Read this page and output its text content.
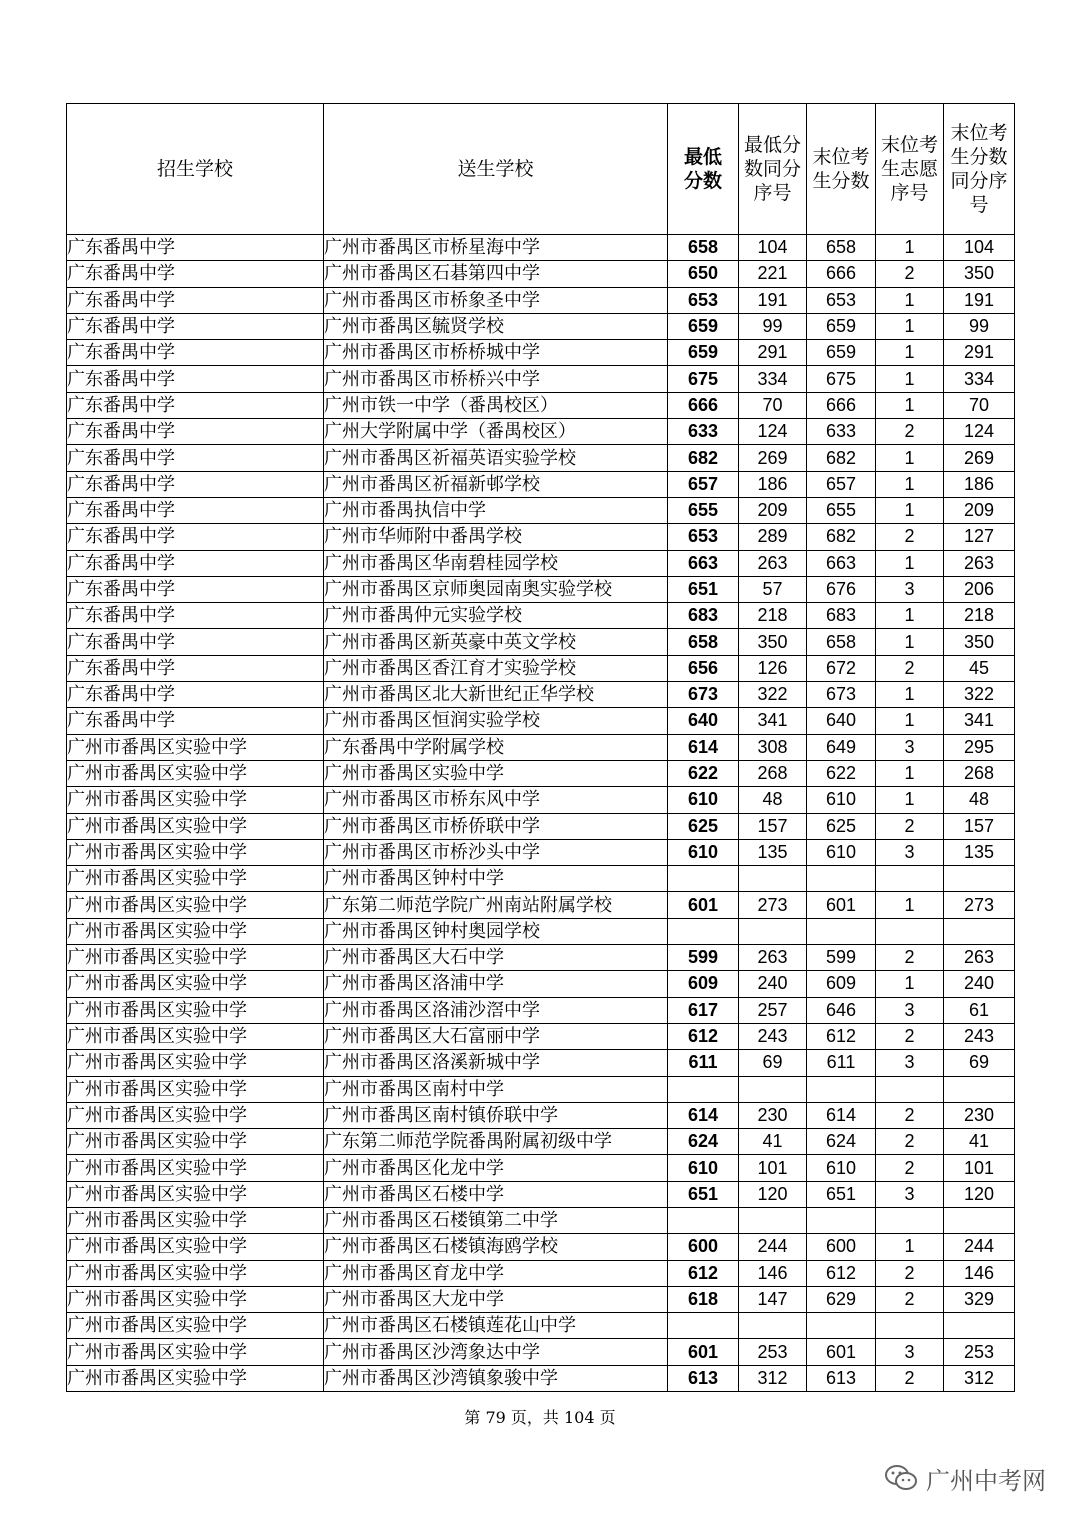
招生学校	送生学校	最低分数	最低分数同分序号	末位考生分数	末位考生志愿序号	末位考生分数同分序号
广东番禺中学	广州市番禺区市桥星海中学	658	104	658	1	104
广东番禺中学	广州市番禺区石碁第四中学	650	221	666	2	350
广东番禺中学	广州市番禺区市桥象圣中学	653	191	653	1	191
广东番禺中学	广州市番禺区毓贤学校	659	99	659	1	99
广东番禺中学	广州市番禺区市桥桥城中学	659	291	659	1	291
广东番禺中学	广州市番禺区市桥桥兴中学	675	334	675	1	334
广东番禺中学	广州市铁一中学（番禺校区）	666	70	666	1	70
广东番禺中学	广州大学附属中学（番禺校区）	633	124	633	2	124
广东番禺中学	广州市番禺区祈福英语实验学校	682	269	682	1	269
广东番禺中学	广州市番禺区祈福新邨学校	657	186	657	1	186
广东番禺中学	广州市番禺执信中学	655	209	655	1	209
广东番禺中学	广州市华师附中番禺学校	653	289	682	2	127
广东番禺中学	广州市番禺区华南碧桂园学校	663	263	663	1	263
广东番禺中学	广州市番禺区京师奥园南奥实验学校	651	57	676	3	206
广东番禺中学	广州市番禺仲元实验学校	683	218	683	1	218
广东番禺中学	广州市番禺区新英豪中英文学校	658	350	658	1	350
广东番禺中学	广州市番禺区香江育才实验学校	656	126	672	2	45
广东番禺中学	广州市番禺区北大新世纪正华学校	673	322	673	1	322
广东番禺中学	广州市番禺区恒润实验学校	640	341	640	1	341
广州市番禺区实验中学	广东番禺中学附属学校	614	308	649	3	295
广州市番禺区实验中学	广州市番禺区实验中学	622	268	622	1	268
广州市番禺区实验中学	广州市番禺区市桥东风中学	610	48	610	1	48
广州市番禺区实验中学	广州市番禺区市桥侨联中学	625	157	625	2	157
广州市番禺区实验中学	广州市番禺区市桥沙头中学	610	135	610	3	135
广州市番禺区实验中学	广州市番禺区钟村中学					
广州市番禺区实验中学	广东第二师范学院广州南站附属学校	601	273	601	1	273
广州市番禺区实验中学	广州市番禺区钟村奥园学校					
广州市番禺区实验中学	广州市番禺区大石中学	599	263	599	2	263
广州市番禺区实验中学	广州市番禺区洛浦中学	609	240	609	1	240
广州市番禺区实验中学	广州市番禺区洛浦沙滘中学	617	257	646	3	61
广州市番禺区实验中学	广州市番禺区大石富丽中学	612	243	612	2	243
广州市番禺区实验中学	广州市番禺区洛溪新城中学	611	69	611	3	69
广州市番禺区实验中学	广州市番禺区南村中学					
广州市番禺区实验中学	广州市番禺区南村镇侨联中学	614	230	614	2	230
广州市番禺区实验中学	广东第二师范学院番禺附属初级中学	624	41	624	2	41
广州市番禺区实验中学	广州市番禺区化龙中学	610	101	610	2	101
广州市番禺区实验中学	广州市番禺区石楼中学	651	120	651	3	120
广州市番禺区实验中学	广州市番禺区石楼镇第二中学					
广州市番禺区实验中学	广州市番禺区石楼镇海鸥学校	600	244	600	1	244
广州市番禺区实验中学	广州市番禺区育龙中学	612	146	612	2	146
广州市番禺区实验中学	广州市番禺区大龙中学	618	147	629	2	329
广州市番禺区实验中学	广州市番禺区石楼镇莲花山中学					
广州市番禺区实验中学	广州市番禺区沙湾象达中学	601	253	601	3	253
广州市番禺区实验中学	广州市番禺区沙湾镇象骏中学	613	312	613	2	312
第 79 页，共 104 页
广州中考网
